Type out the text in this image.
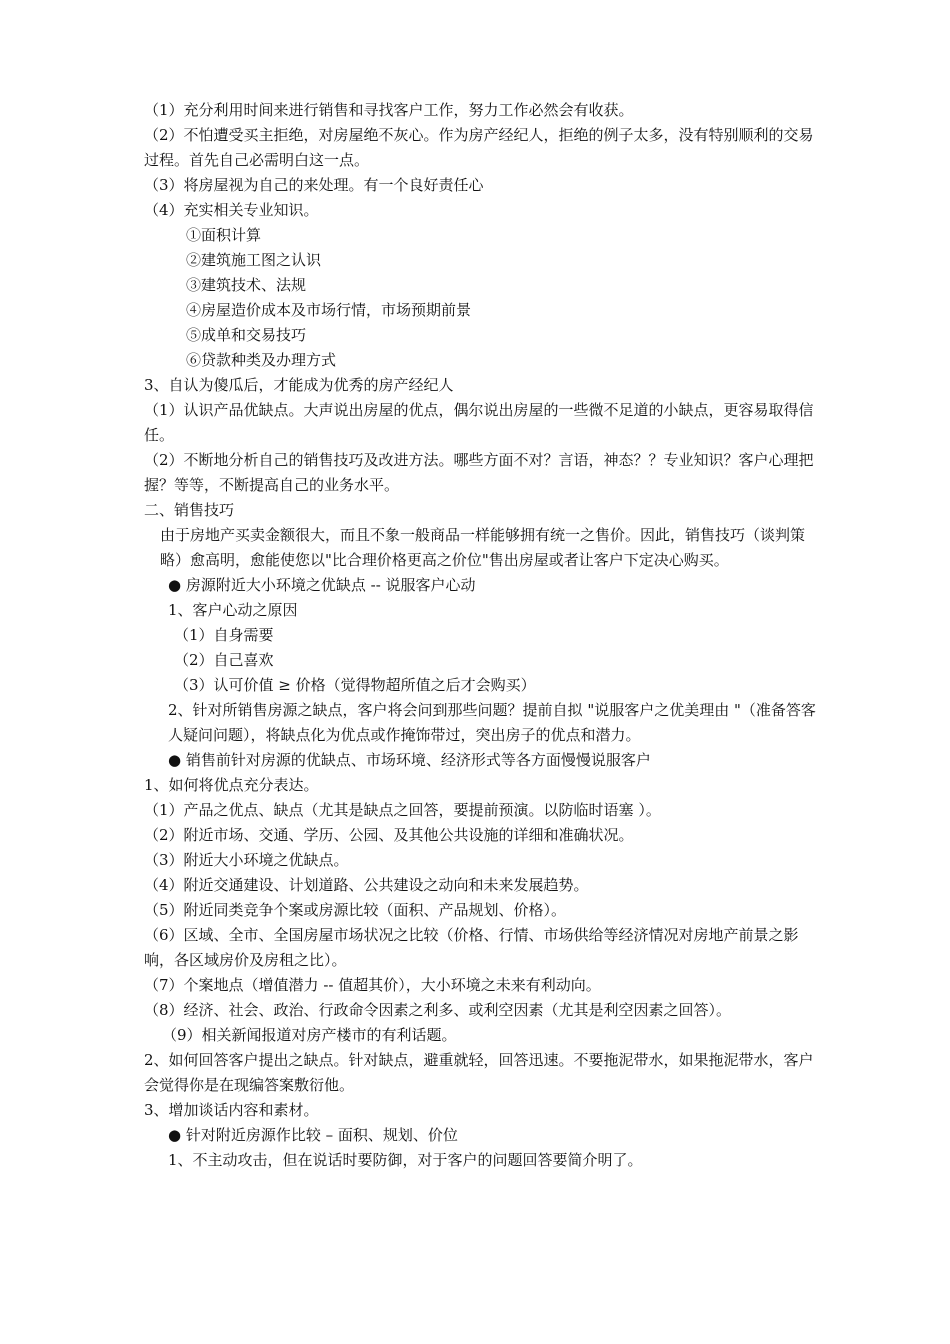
（1）充分利用时间来进行销售和寻找客户工作，努力工作必然会有收获。
（2）不怕遭受买主拒绝，对房屋绝不灰心。作为房产经纪人，拒绝的例子太多，没有特别顺利的交易过程。首先自己必需明白这一点。
（3）将房屋视为自己的来处理。有一个良好责任心
（4）充实相关专业知识。
①面积计算
②建筑施工图之认识
③建筑技术、法规
④房屋造价成本及市场行情，市场预期前景
⑤成单和交易技巧
⑥贷款种类及办理方式
3、自认为傻瓜后，才能成为优秀的房产经纪人
（1）认识产品优缺点。大声说出房屋的优点，偶尔说出房屋的一些微不足道的小缺点，更容易取得信任。
（2）不断地分析自己的销售技巧及改进方法。哪些方面不对？言语，神态？？专业知识？客户心理把握？等等，不断提高自己的业务水平。
二、销售技巧
由于房地产买卖金额很大，而且不象一般商品一样能够拥有统一之售价。因此，销售技巧（谈判策略）愈高明，愈能使您以"比合理价格更高之价位"售出房屋或者让客户下定决心购买。
● 房源附近大小环境之优缺点 -- 说服客户心动
1、客户心动之原因
（1）自身需要
（2）自己喜欢
（3）认可价值 ≥ 价格（觉得物超所值之后才会购买）
2、针对所销售房源之缺点，客户将会问到那些问题？提前自拟 "说服客户之优美理由 "（准备答客人疑问问题），将缺点化为优点或作掩饰带过，突出房子的优点和潜力。
● 销售前针对房源的优缺点、市场环境、经济形式等各方面慢慢说服客户
1、如何将优点充分表达。
（1）产品之优点、缺点（尤其是缺点之回答，要提前预演。以防临时语塞 ）。
（2）附近市场、交通、学历、公园、及其他公共设施的详细和准确状况。
（3）附近大小环境之优缺点。
（4）附近交通建设、计划道路、公共建设之动向和未来发展趋势。
（5）附近同类竞争个案或房源比较（面积、产品规划、价格）。
（6）区域、全市、全国房屋市场状况之比较（价格、行情、市场供给等经济情况对房地产前景之影响，各区域房价及房租之比）。
（7）个案地点（增值潜力 -- 值超其价），大小环境之未来有利动向。
（8）经济、社会、政治、行政命令因素之利多、或利空因素（尤其是利空因素之回答）。
（9）相关新闻报道对房产楼市的有利话题。
2、如何回答客户提出之缺点。针对缺点，避重就轻，回答迅速。不要拖泥带水，如果拖泥带水，客户会觉得你是在现编答案敷衍他。
3、增加谈话内容和素材。
● 针对附近房源作比较 – 面积、规划、价位
1、不主动攻击，但在说话时要防御，对于客户的问题回答要简介明了。
